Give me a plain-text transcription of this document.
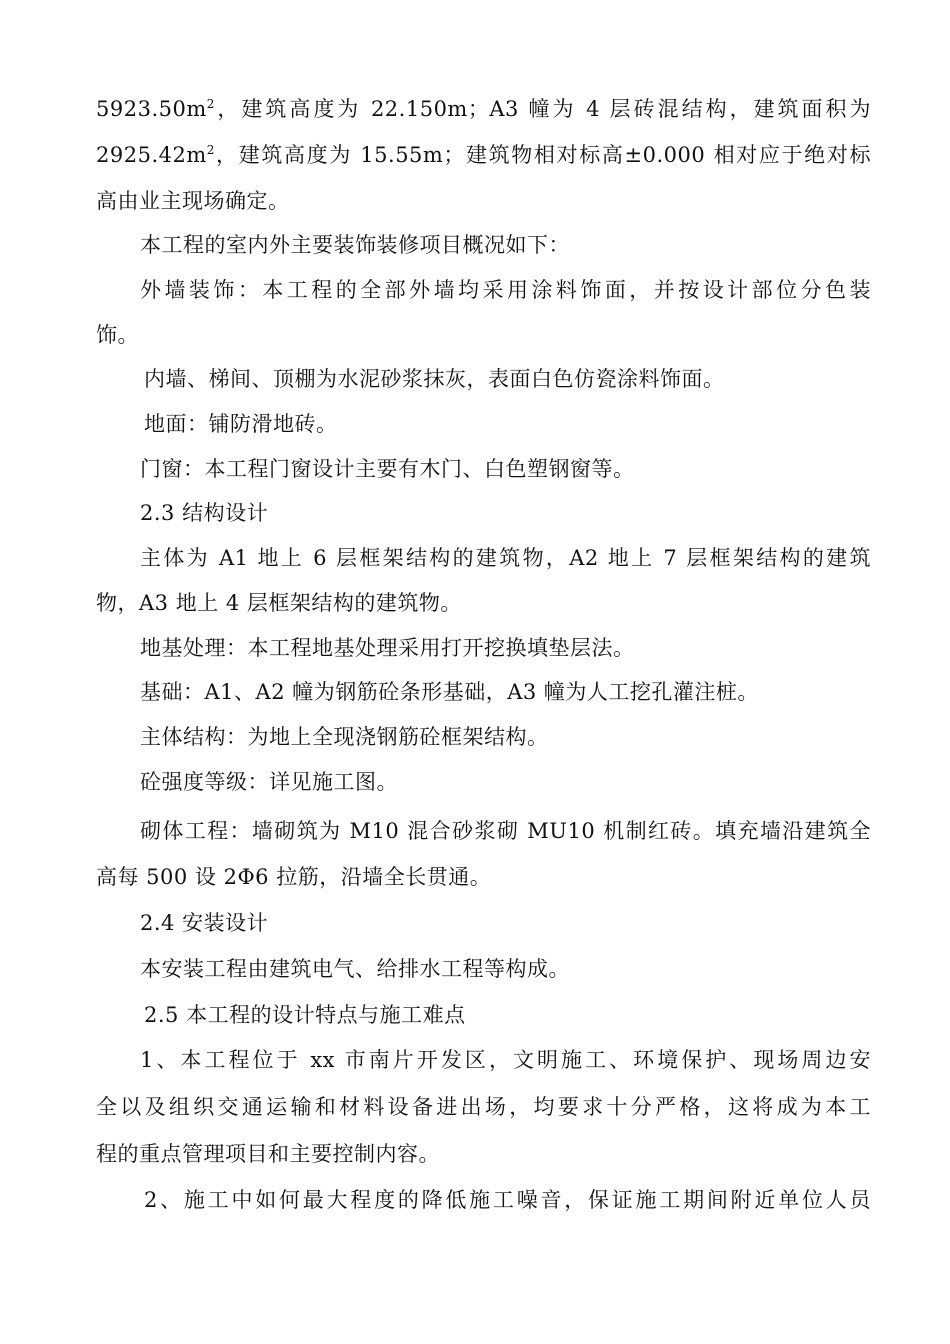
$5923.50m^2$，建筑高度为 22.150m；A3 幢为 4 层砖混结构，建筑面积为
$2925.42m^2$，建筑高度为 15.55m；建筑物相对标高±0.000 相对应于绝对标
高由业主现场确定。
本工程的室内外主要装饰装修项目概况如下：
外墙装饰：本工程的全部外墙均采用涂料饰面，并按设计部位分色装
饰。
内墙、梯间、顶棚为水泥砂浆抹灰，表面白色仿瓷涂料饰面。
地面：铺防滑地砖。
门窗：本工程门窗设计主要有木门、白色塑钢窗等。
2.3 结构设计
主体为 A1 地上 6 层框架结构的建筑物，A2 地上 7 层框架结构的建筑
物，A3 地上 4 层框架结构的建筑物。
地基处理：本工程地基处理采用打开挖换填垫层法。
基础：A1、A2 幢为钢筋砼条形基础，A3 幢为人工挖孔灌注桩。
主体结构：为地上全现浇钢筋砼框架结构。
砼强度等级：详见施工图。
砌体工程：墙砌筑为 M10 混合砂浆砌 MU10 机制红砖。填充墙沿建筑全
高每 500 设 2Φ6 拉筋，沿墙全长贯通。
2.4 安装设计
本安装工程由建筑电气、给排水工程等构成。
2.5 本工程的设计特点与施工难点
1、本工程位于 xx 市南片开发区，文明施工、环境保护、现场周边安
全以及组织交通运输和材料设备进出场，均要求十分严格，这将成为本工
程的重点管理项目和主要控制内容。
2、施工中如何最大程度的降低施工噪音，保证施工期间附近单位人员
